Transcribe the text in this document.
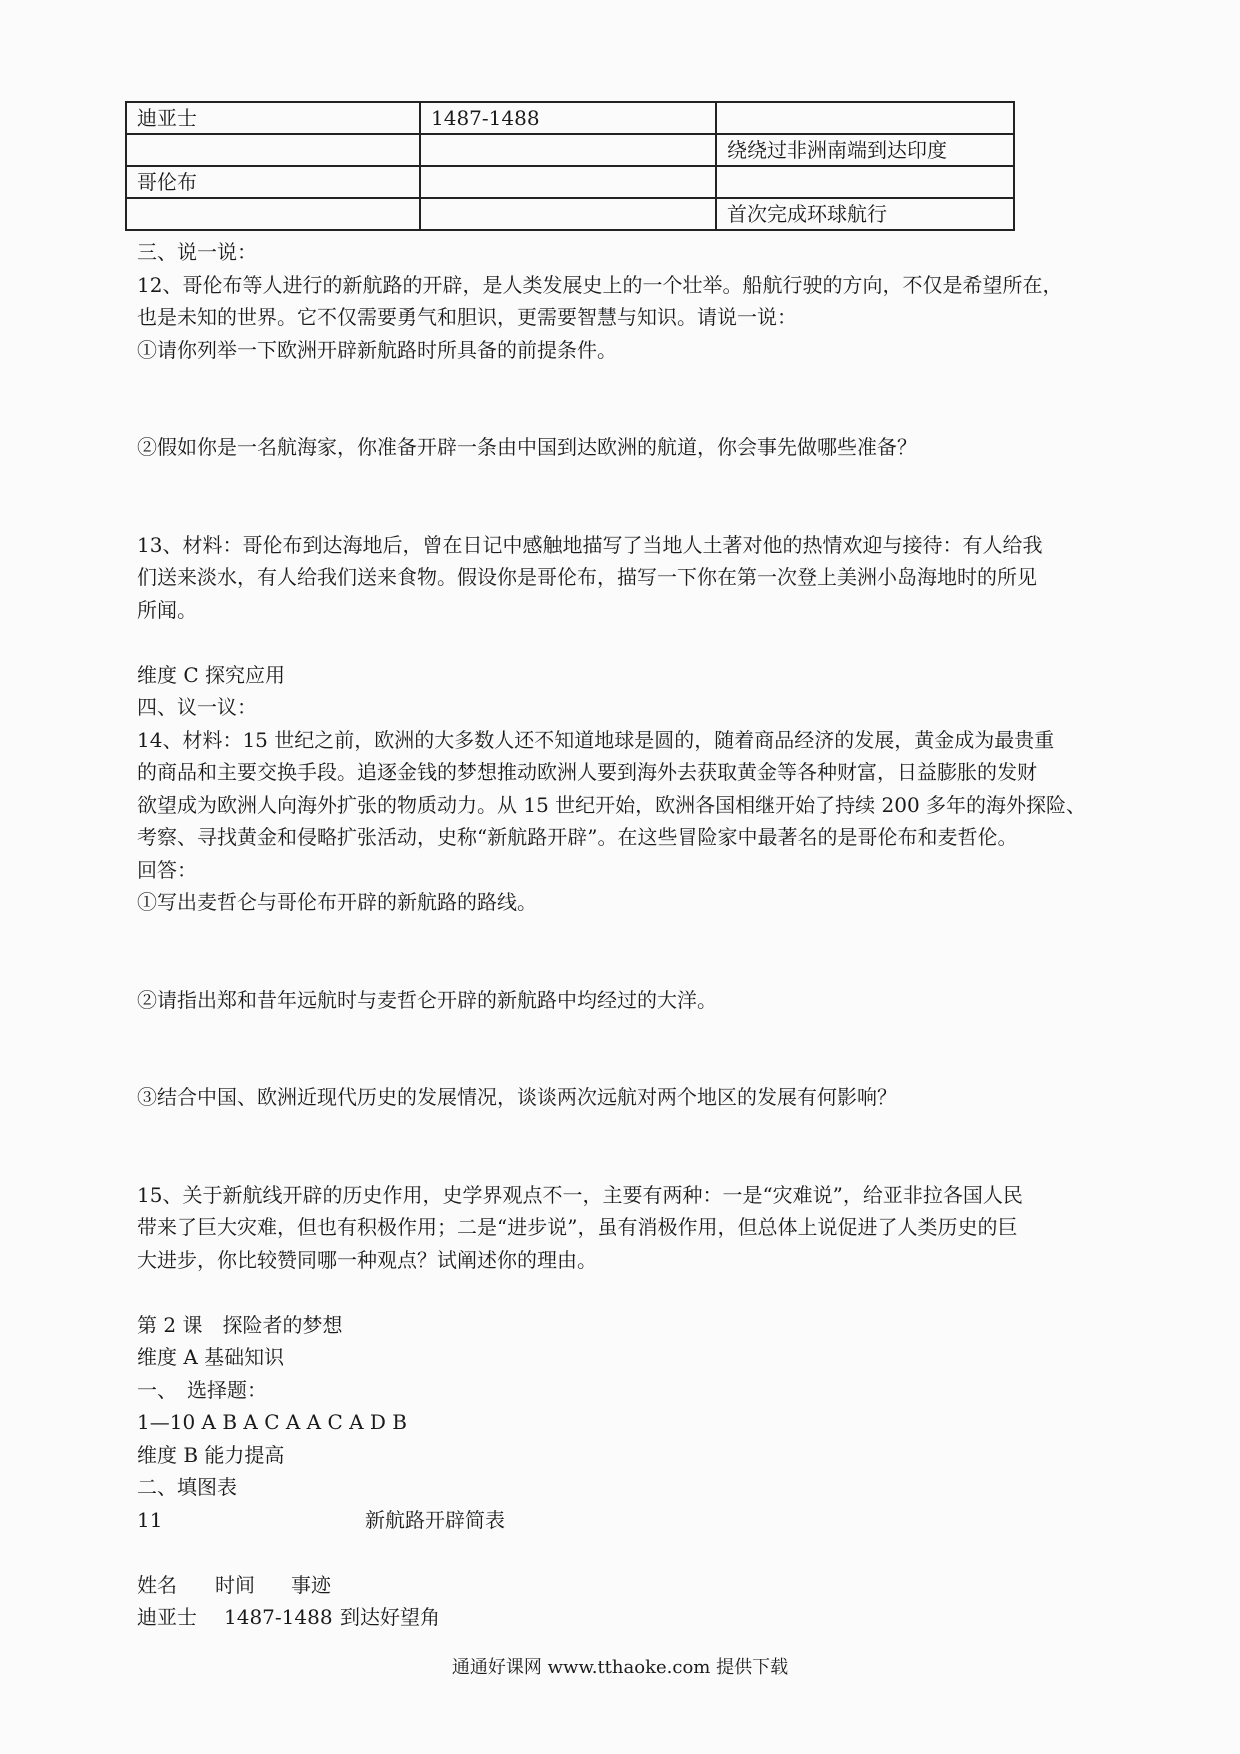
迪亚士	1487-1488	
		绕绕过非洲南端到达印度
哥伦布		
		首次完成环球航行

三、说一说：

12、哥伦布等人进行的新航路的开辟，是人类发展史上的一个壮举。船航行驶的方向，不仅是希望所在，

也是未知的世界。它不仅需要勇气和胆识，更需要智慧与知识。请说一说：

①请你列举一下欧洲开辟新航路时所具备的前提条件。

②假如你是一名航海家，你准备开辟一条由中国到达欧洲的航道，你会事先做哪些准备？

13、材料：哥伦布到达海地后，曾在日记中感触地描写了当地人土著对他的热情欢迎与接待：有人给我

们送来淡水，有人给我们送来食物。假设你是哥伦布，描写一下你在第一次登上美洲小岛海地时的所见

所闻。

维度 C 探究应用

四、议一议：

14、材料：15 世纪之前，欧洲的大多数人还不知道地球是圆的，随着商品经济的发展，黄金成为最贵重

的商品和主要交换手段。追逐金钱的梦想推动欧洲人要到海外去获取黄金等各种财富，日益膨胀的发财

欲望成为欧洲人向海外扩张的物质动力。从 15 世纪开始，欧洲各国相继开始了持续 200 多年的海外探险、

考察、寻找黄金和侵略扩张活动，史称“新航路开辟”。在这些冒险家中最著名的是哥伦布和麦哲伦。

回答：

①写出麦哲仑与哥伦布开辟的新航路的路线。

②请指出郑和昔年远航时与麦哲仑开辟的新航路中均经过的大洋。

③结合中国、欧洲近现代历史的发展情况，谈谈两次远航对两个地区的发展有何影响？

15、关于新航线开辟的历史作用，史学界观点不一，主要有两种：一是“灾难说”，给亚非拉各国人民

带来了巨大灾难，但也有积极作用；二是“进步说”，虽有消极作用，但总体上说促进了人类历史的巨

大进步，你比较赞同哪一种观点？试阐述你的理由。

第 2 课　探险者的梦想

维度 A 基础知识

一、　选择题：

1—10 A B A C A A C A D B

维度 B 能力提高

二、填图表

11	新航路开辟简表

姓名 时间 事迹

迪亚士 1487-1488 到达好望角

通通好课网 www.tthaoke.com 提供下载
